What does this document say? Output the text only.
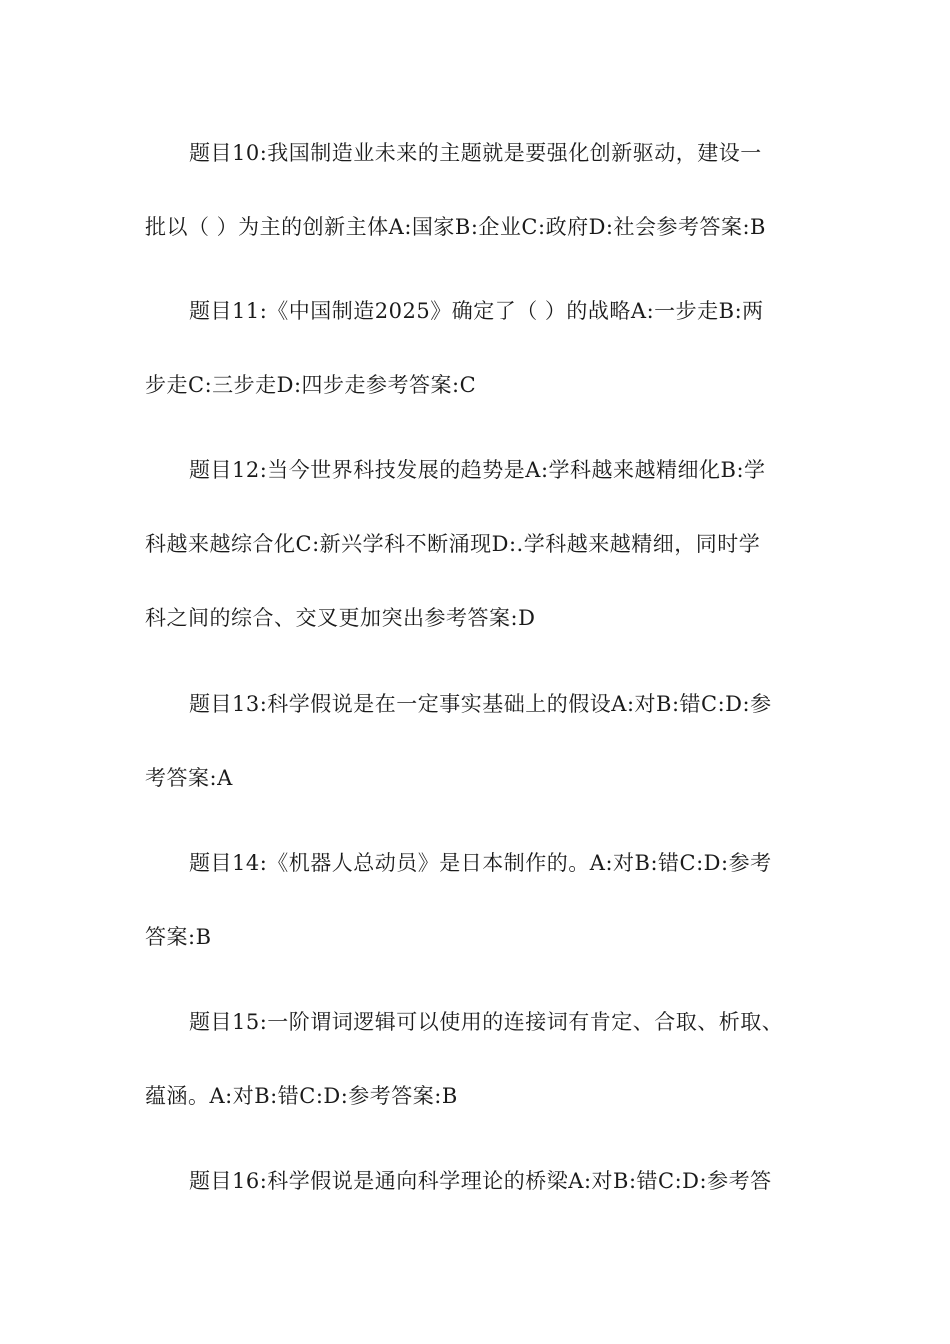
题目10:我国制造业未来的主题就是要强化创新驱动，建设一
批以（ ）为主的创新主体A:国家B:企业C:政府D:社会参考答案:B
题目11:《中国制造2025》确定了（ ）的战略A:一步走B:两
步走C:三步走D:四步走参考答案:C
题目12:当今世界科技发展的趋势是A:学科越来越精细化B:学
科越来越综合化C:新兴学科不断涌现D:.学科越来越精细，同时学
科之间的综合、交叉更加突出参考答案:D
题目13:科学假说是在一定事实基础上的假设A:对B:错C:D:参
考答案:A
题目14:《机器人总动员》是日本制作的。A:对B:错C:D:参考
答案:B
题目15:一阶谓词逻辑可以使用的连接词有肯定、合取、析取、
蕴涵。A:对B:错C:D:参考答案:B
题目16:科学假说是通向科学理论的桥梁A:对B:错C:D:参考答
